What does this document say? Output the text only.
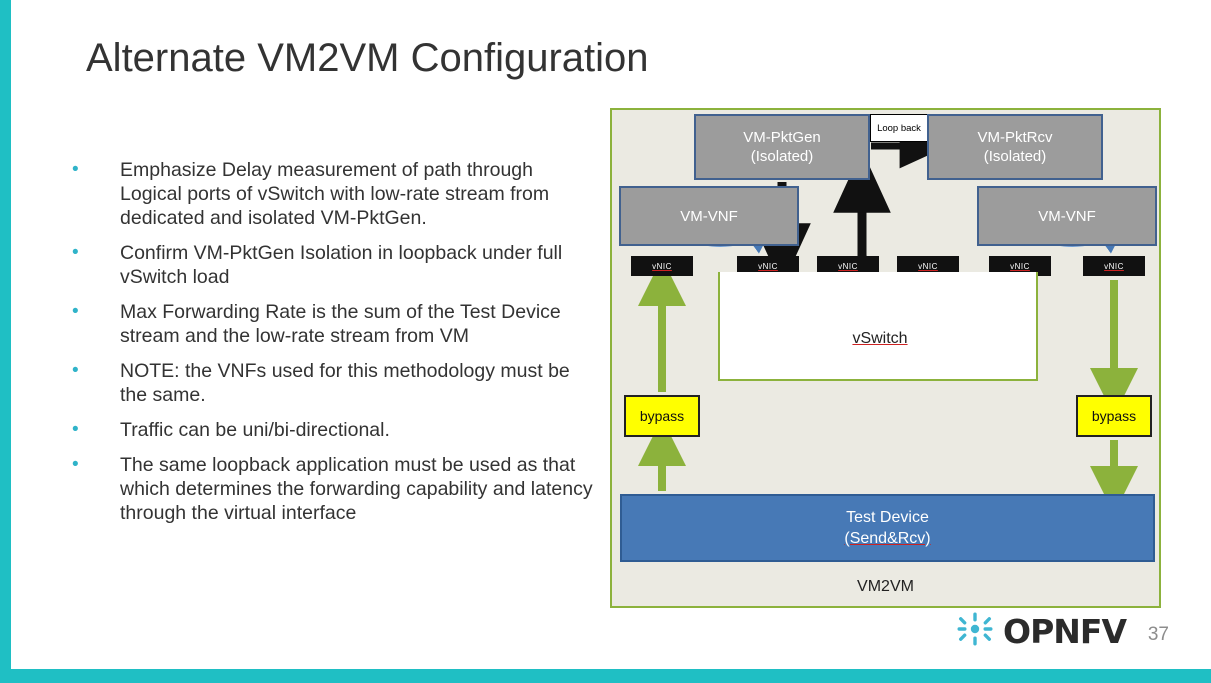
Alternate VM2VM Configuration
• Emphasize Delay measurement of path through Logical ports of vSwitch with low-rate stream from dedicated and isolated VM-PktGen.
• Confirm VM-PktGen Isolation in loopback under full vSwitch load
• Max Forwarding Rate is the sum of the Test Device stream and the low-rate stream from VM
• NOTE: the VNFs used for this methodology must be the same.
• Traffic can be uni/bi-directional.
• The same loopback application must be used as that which determines the forwarding capability and latency through the virtual interface
VM-PktGen
(Isolated)
Loop back
VM-PktRcv
(Isolated)
VM-VNF	VM-VNF
vNIC	vNIC	vNIC	vNIC	vNIC	vNIC
vSwitch
bypass	bypass
Test Device
(Send&Rcv)
VM2VM
OPNFV 37
